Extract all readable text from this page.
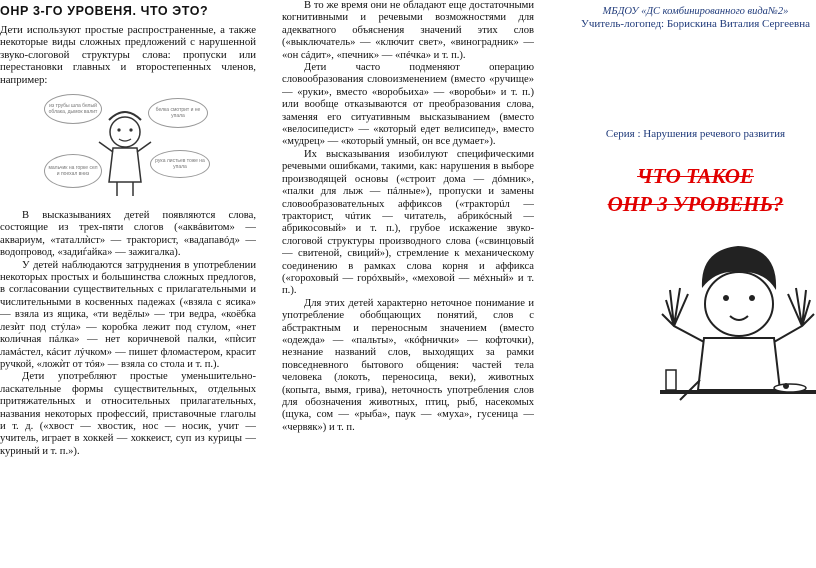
ОНР 3-ГО УРОВЕНЯ. ЧТО ЭТО?

Дети используют простые распространенные, а также некоторые виды сложных предложений с нарушенной звуко-слоговой структуры слова: пропуски или перестановки главных и второстепенных членов, например:

из трубы шла белый облака, дымок валит	белка смотрит и не упала
мальчик на горке сел и поехал вниз
рука листьев тоже на упала

В высказываниях детей появляются слова, состоящие из трех-пяти слогов («аквáвитом» — аквариум, «таталлѝст» — тракторист, «вадапавóд» — водопровод, «задиѓайка» — зажигалка).

У детей наблюдаются затруднения в употреблении некоторых простых и большинства сложных предлогов, в согласовании существительных с прилагательными и числительными в косвенных падежах («взяла с ясика» — взяла из ящика, «ти ведёлы» — три ведра, «коёбка лезѝт под стýла» — коробка лежит под стулом, «нет коли́чная пáлка» — нет коричневой палки, «пѝсит ламáстел, кáсит лýчком» — пишет фломастером, красит ручкой, «ложѝт от тóя» — взяла со стола и т. п.).

Дети употребляют простые уменьшительно-ласкательные формы существительных, отдельных притяжательных и относительных прилагательных, названия некоторых профессий, приставочные глаголы и т. д. («хвост — хвостик, нос — носик, учит — учитель, играет в хоккей — хоккеист, суп из курицы — куриный и т. п.»).

В то же время они не обладают еще достаточными когнитивными и речевыми возможностями для адекватного объяснения значений этих слов («выключатель» — «клю́чит свет», «виноградник» — «он сáдит», «печник» — «пéчка» и т. п.).

Дети часто подменяют операцию словообразования словоизменением (вместо «ручище» — «руки», вместо «воробьиха» — «воробьи» и т. п.) или вообще отказываются от преобразования слова, заменяя его ситуативным высказыванием (вместо «велосипедист» — «который едет велисипед», вместо «мудрец» — «который умный, он все думает»).

Их высказывания изобилуют специфическими речевыми ошибками, такими, как: нарушения в выборе производящей основы («строит дома — дóмник», «палки для лыж — пáлные»), пропуски и замены словообразовательных аффиксов («тракторúл — тракторист, чúтик — читатель, абрикóсный — абрикосовый» и т. п.), грубое искажение звуко-слоговой структуры производного слова («свинцовый — свитеной, свиций»), стремление к механическому соединению в рамках слова корня и аффикса («гороховый — горóхвый», «меховой — мéхный» и т. п.).

Для этих детей характерно неточное понимание и употребление обобщающих понятий, слов с абстрактным и переносным значением (вместо «одежда» — «пальты», «кóфнички» — кофточки), незнание названий слов, выходящих за рамки повседневного бытового общения: частей тела человека (локоть, переносица, веки), животных (копыта, вымя, грива), неточность употребления слов для обозначения животных, птиц, рыб, насекомых (щука, сом — «рыба», паук — «муха», гусеница — «червяк») и т. п.

МБДОУ «ДС комбинированного вида№2»
Учитель-логопед: Борискина Виталия Сергеевна
Серия : Нарушения речевого развития
ЧТО ТАКОЕ
ОНР 3 УРОВЕНЬ?
